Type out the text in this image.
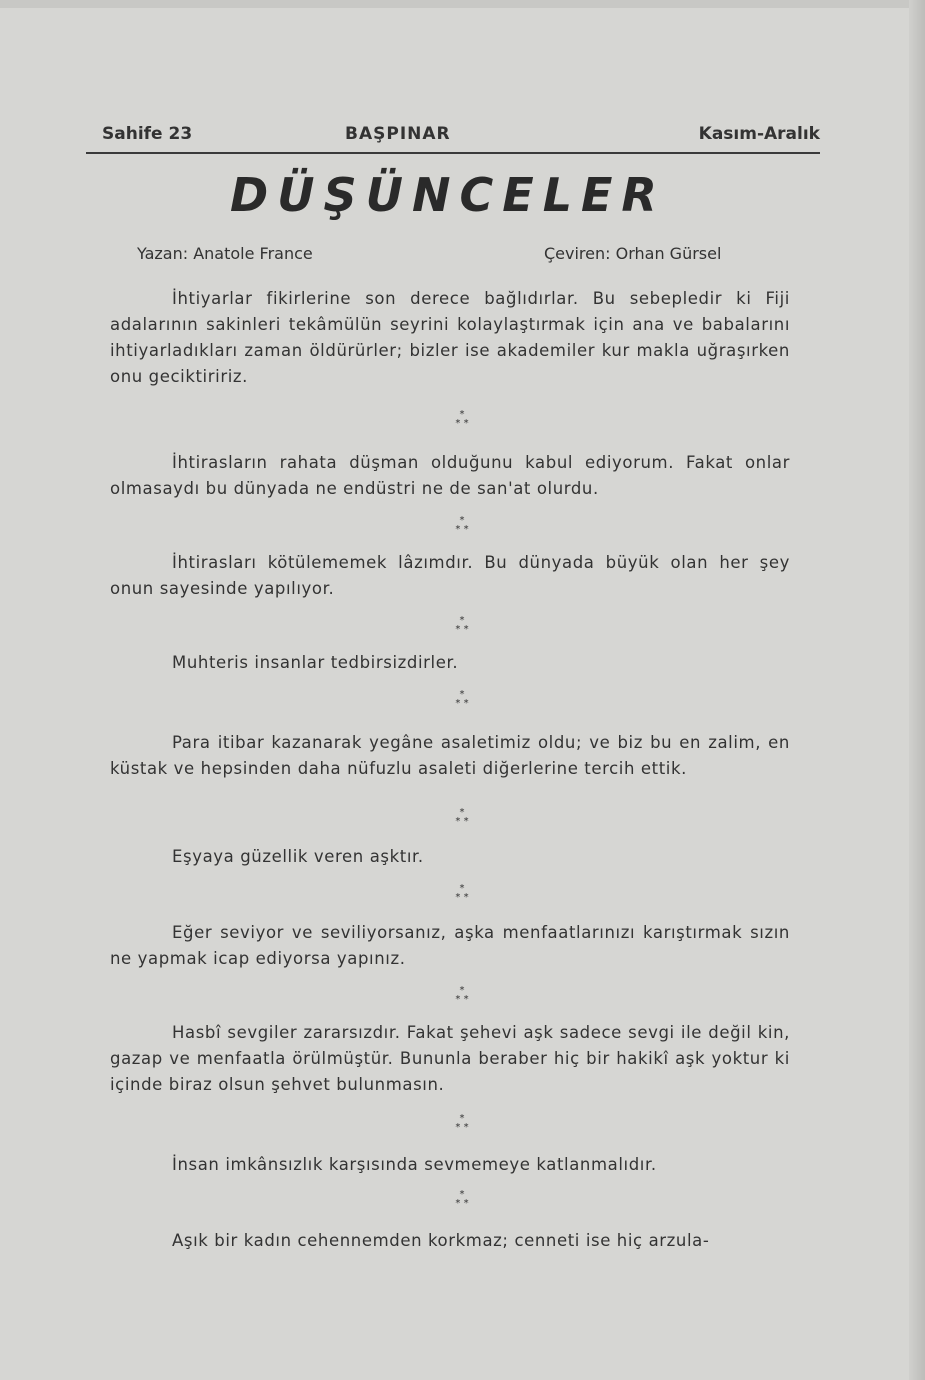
Sahife 23	BAŞPINAR	Kasım-Aralık
DÜŞÜNCELER
Yazan: Anatole France	Çeviren: Orhan Gürsel
İhtiyarlar fikirlerine son derece bağlıdırlar. Bu sebepledir ki Fiji adalarının sakinleri tekâmülün seyrini kolaylaştırmak için ana ve babalarını ihtiyarladıkları zaman öldürürler; bizler ise akademiler kur makla uğraşırken onu geciktiririz.
*
* *
İhtirasların rahata düşman olduğunu kabul ediyorum. Fakat onlar olmasaydı bu dünyada ne endüstri ne de san'at olurdu.
*
* *
İhtirasları kötülememek lâzımdır. Bu dünyada büyük olan her şey onun sayesinde yapılıyor.
*
* *
Muhteris insanlar tedbirsizdirler.
*
* *
Para itibar kazanarak yegâne asaletimiz oldu; ve biz bu en zalim, en küstak ve hepsinden daha nüfuzlu asaleti diğerlerine tercih ettik.
*
* *
Eşyaya güzellik veren aşktır.
*
* *
Eğer seviyor ve seviliyorsanız, aşka menfaatlarınızı karıştırmak sızın ne yapmak icap ediyorsa yapınız.
*
* *
Hasbî sevgiler zararsızdır. Fakat şehevi aşk sadece sevgi ile değil kin, gazap ve menfaatla örülmüştür. Bununla beraber hiç bir hakikî aşk yoktur ki içinde biraz olsun şehvet bulunmasın.
*
* *
İnsan imkânsızlık karşısında sevmemeye katlanmalıdır.
*
* *
Aşık bir kadın cehennemden korkmaz; cenneti ise hiç arzula-
